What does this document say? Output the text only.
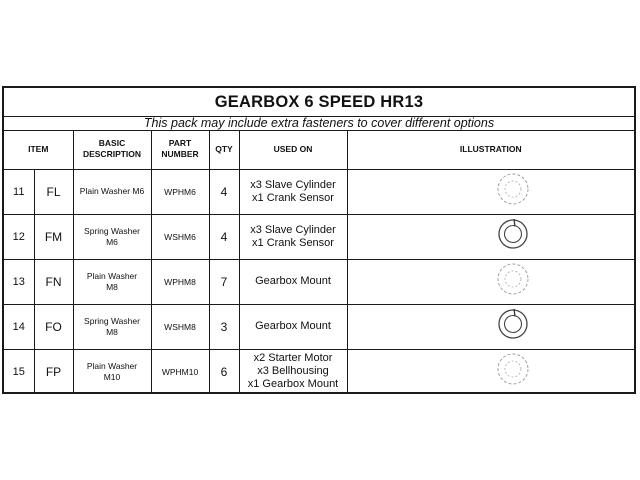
GEARBOX 6 SPEED HR13
This pack may include extra fasteners to cover different options
ITEM		BASIC
DESCRIPTION	PART
NUMBER	QTY	USED ON	ILLUSTRATION
11	FL	Plain Washer M6	WPHM6	4	x3 Slave Cylinder
x1 Crank Sensor

12	FM	Spring Washer
M6	WSHM6	4	x3 Slave Cylinder
x1 Crank Sensor

13	FN	Plain Washer
M8	WPHM8	7	Gearbox Mount

14	FO	Spring Washer
M8	WSHM8	3	Gearbox Mount

15	FP	Plain Washer
M10	WPHM10	6	x2 Starter Motor
x3 Bellhousing
x1 Gearbox Mount
